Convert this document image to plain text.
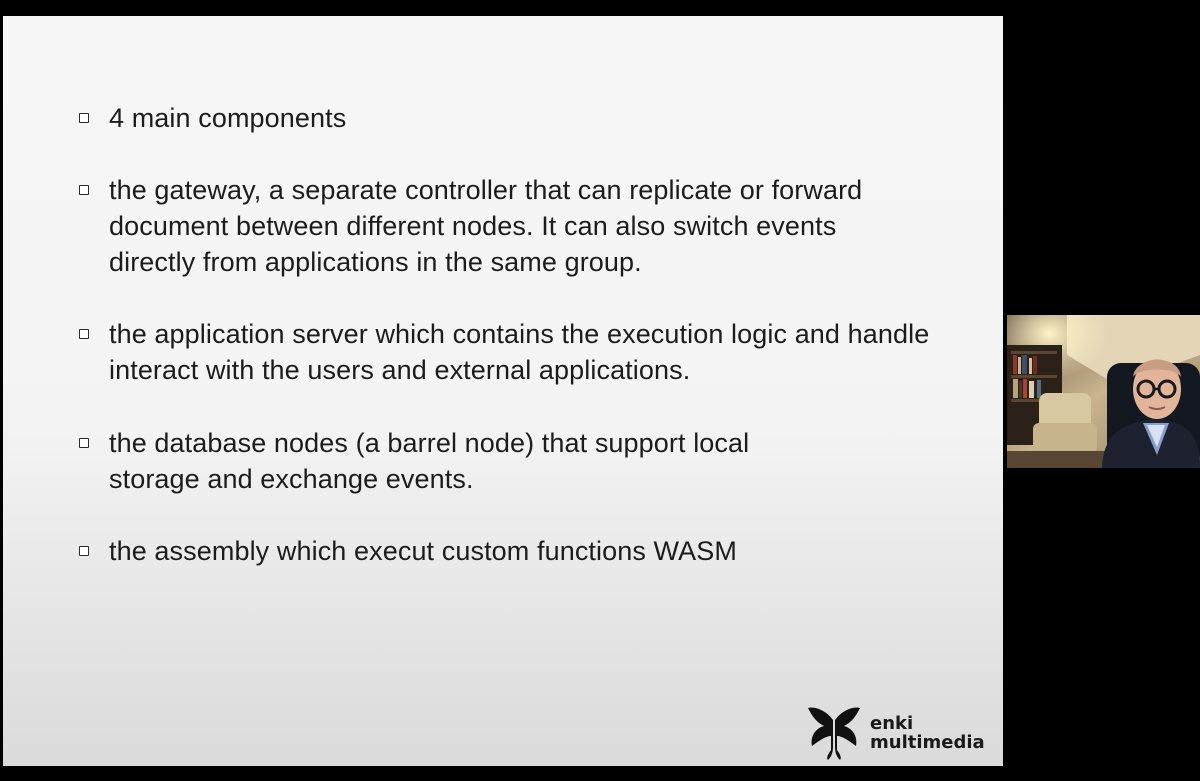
4 main components
the gateway, a separate controller that can replicate or forward document between different nodes. It can also switch events directly from applications in the same group.
the application server which contains the execution logic and handle interact with the users and external applications.
the database nodes (a barrel node) that support local storage and exchange events.
the assembly which execut custom functions WASM
enki
multimedia
